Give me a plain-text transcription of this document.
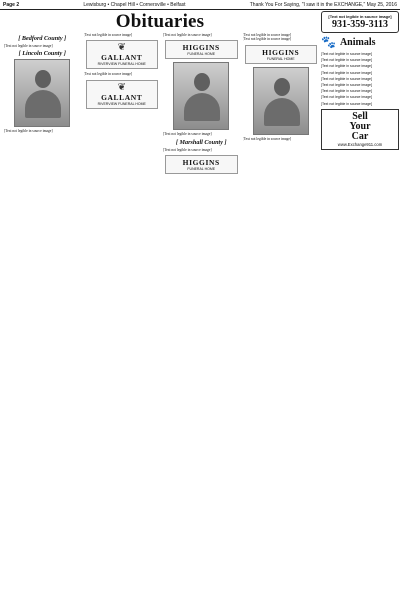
Page 2	Lewisburg • Chapel Hill • Cornersville • Belfast	Thank You For Saying, "I saw it in the EXCHANGE," May 25, 2016
Obituaries
[ Bedford County ]
[Text not legible in source image]
[ Lincoln County ]
[Text not legible in source image]
[Text not legible in source image]
❦
GALLANT
RIVERVIEW FUNERAL HOME
[Text not legible in source image]
❦
GALLANT
RIVERVIEW FUNERAL HOME
[Text not legible in source image]
HIGGINS
FUNERAL HOME
[Text not legible in source image]
[ Marshall County ]
[Text not legible in source image]
HIGGINS
FUNERAL HOME
[Text not legible in source image]
[Text not legible in source image]
HIGGINS
FUNERAL HOME
[Text not legible in source image]
[Text not legible in source image]
931-359-3113
🐾 Animals
[Text not legible in source image]
[Text not legible in source image]
[Text not legible in source image]
[Text not legible in source image]
[Text not legible in source image]
[Text not legible in source image]
[Text not legible in source image]
[Text not legible in source image]
[Text not legible in source image]
Sell
Your
Car
www.Exchange911.com
